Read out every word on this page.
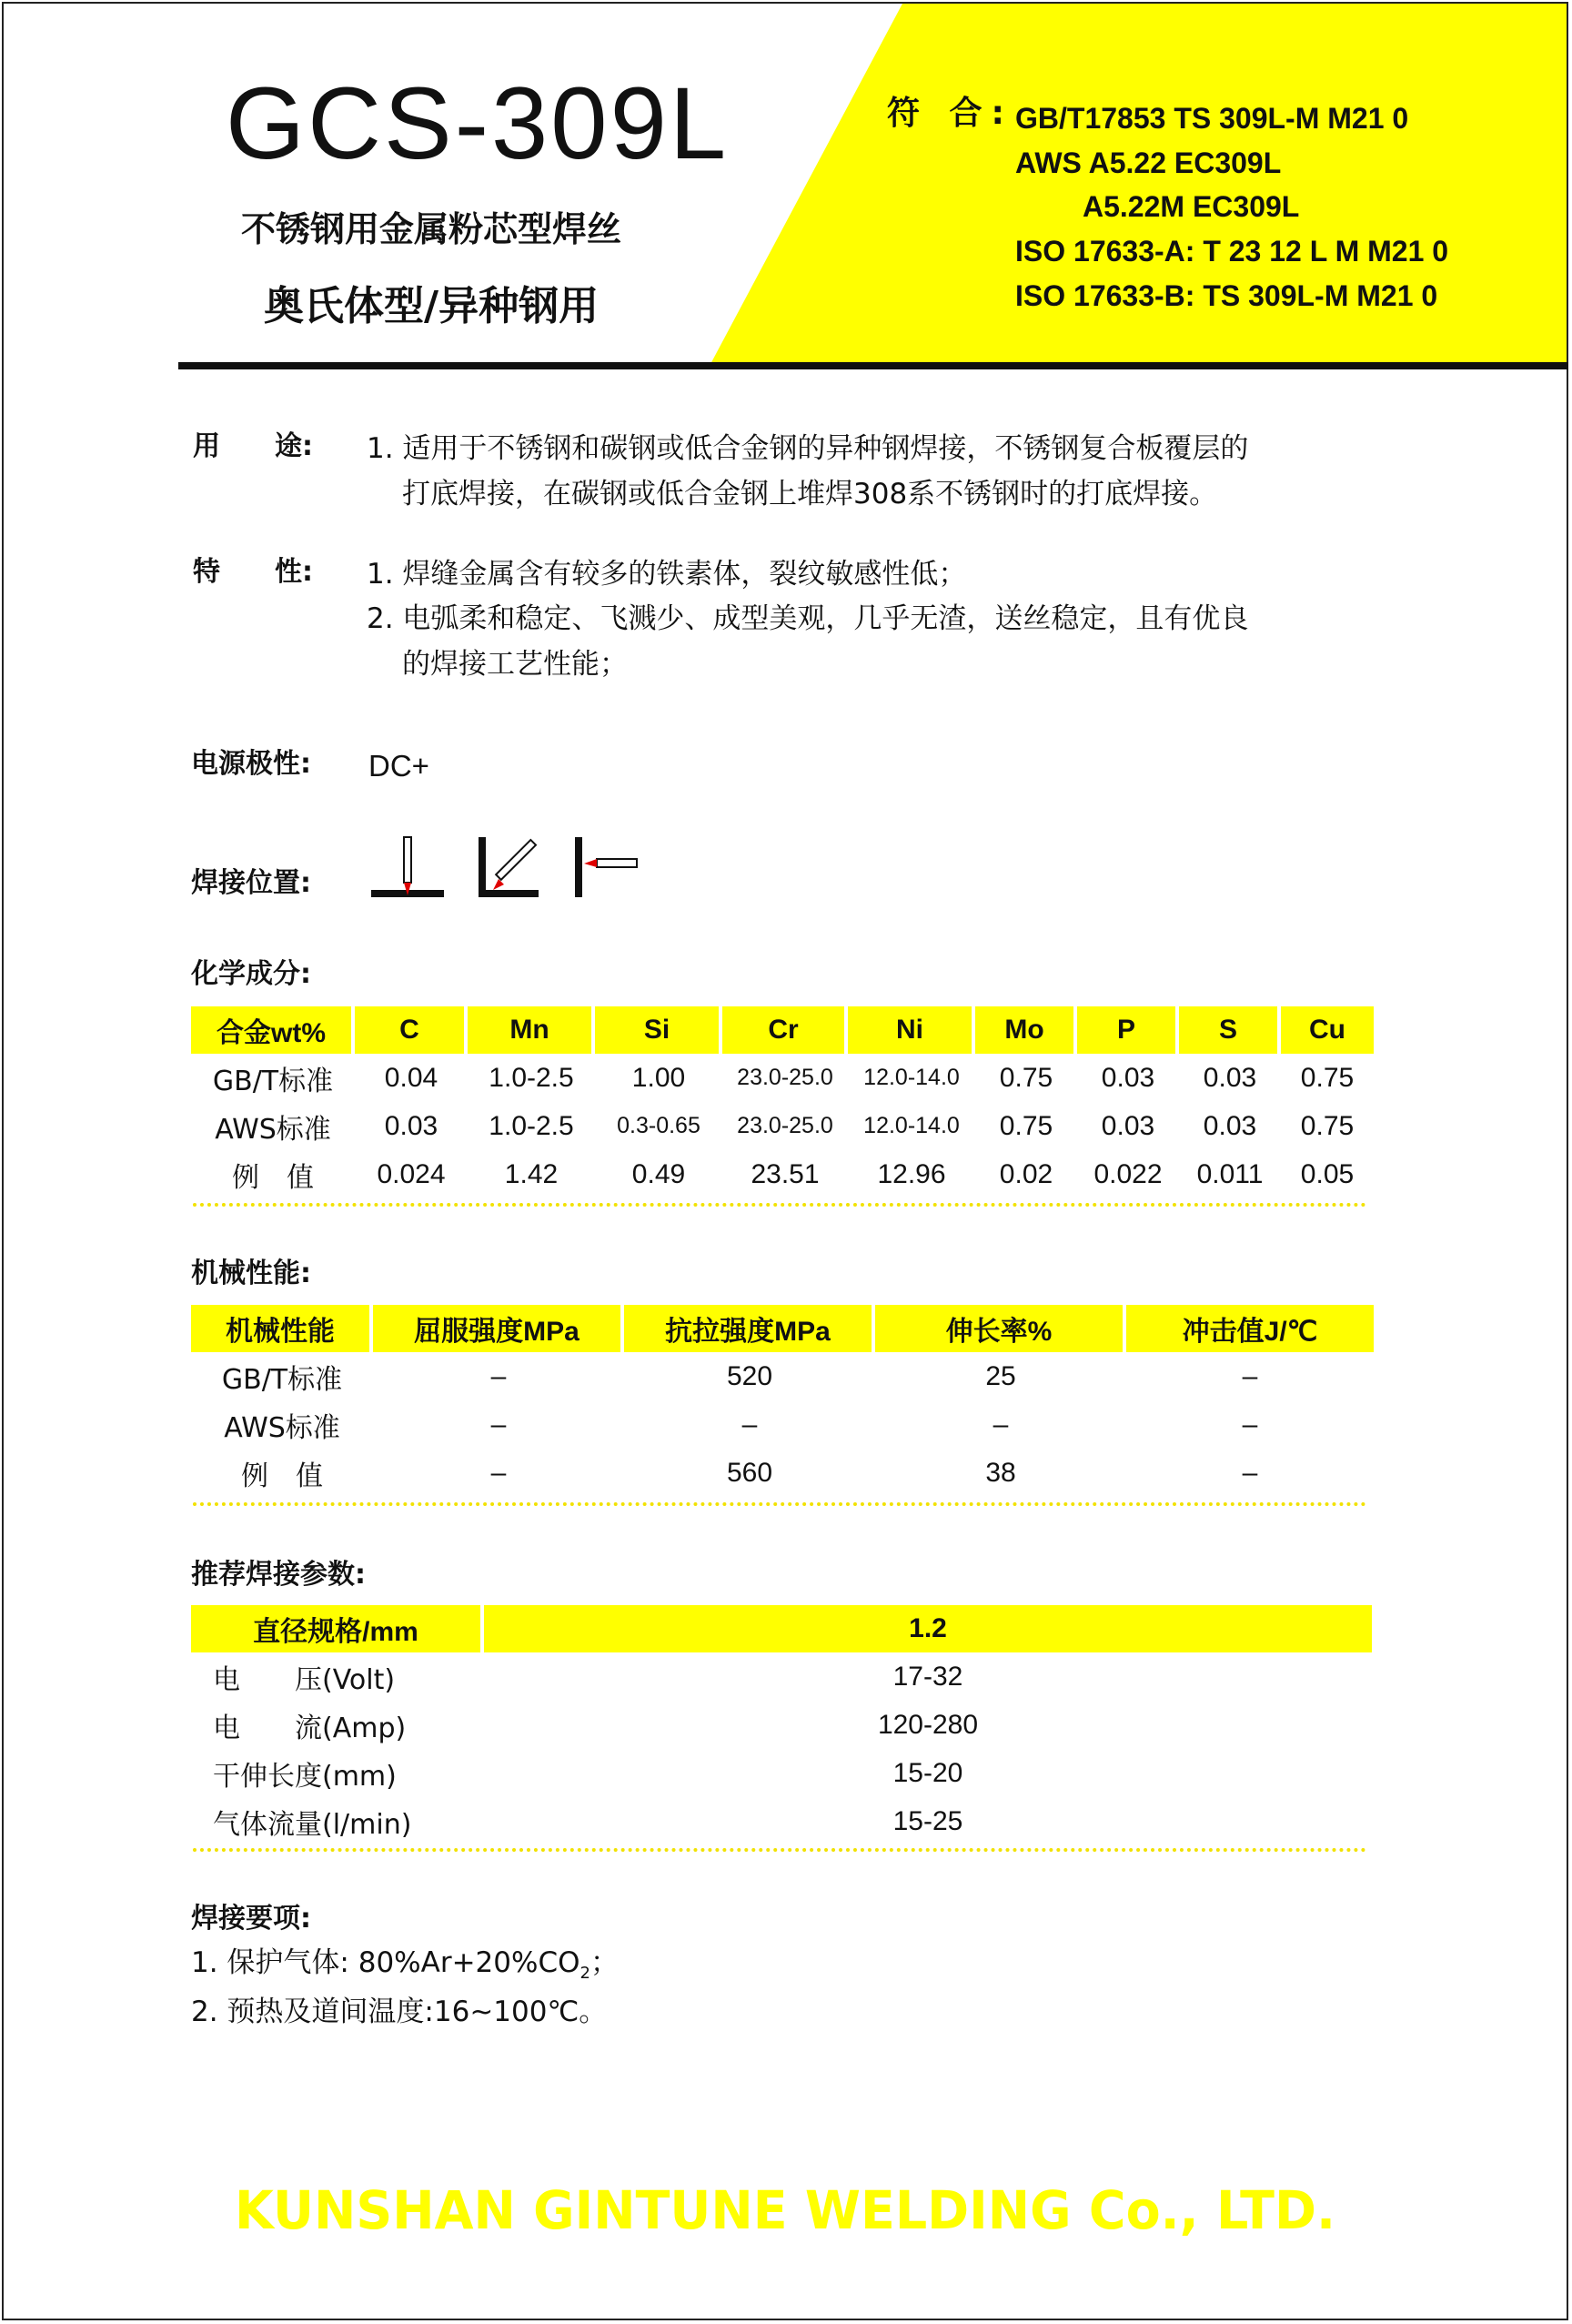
GCS-309L
不锈钢用金属粉芯型焊丝
奥氏体型/异种钢用
符 合: GB/T17853 TS 309L-M M21 0
AWS A5.22 EC309L
A5.22M EC309L
ISO 17633-A: T 23 12 L M M21 0
ISO 17633-B: TS 309L-M M21 0
用　　途: 1. 适用于不锈钢和碳钢或低合金钢的异种钢焊接，不锈钢复合板覆层的
打底焊接，在碳钢或低合金钢上堆焊308系不锈钢时的打底焊接。
特　　性: 1. 焊缝金属含有较多的铁素体，裂纹敏感性低；
2. 电弧柔和稳定、飞溅少、成型美观，几乎无渣，送丝稳定，且有优良
的焊接工艺性能；
电源极性: DC+
焊接位置:
化学成分:
合金wt%	C	Mn	Si	Cr	Ni	Mo	P	S	Cu
GB/T标准	0.04	1.0-2.5	1.00	23.0-25.0	12.0-14.0	0.75	0.03	0.03	0.75
AWS标准	0.03	1.0-2.5	0.3-0.65	23.0-25.0	12.0-14.0	0.75	0.03	0.03	0.75
例　值	0.024	1.42	0.49	23.51	12.96	0.02	0.022	0.011	0.05
机械性能:
机械性能	屈服强度MPa	抗拉强度MPa	伸长率%	冲击值J/℃
GB/T标准	–	520	25	–
AWS标准	–	–	–	–
例　值	–	560	38	–
推荐焊接参数:
直径规格/mm	1.2
电　　压(Volt)	17-32
电　　流(Amp)	120-280
干伸长度(mm)	15-20
气体流量(l/min)	15-25
焊接要项:
1. 保护气体: $80\%Ar+20\%CO_2$；
2. 预热及道间温度:16~100℃。
KUNSHAN GINTUNE WELDING Co., LTD.
